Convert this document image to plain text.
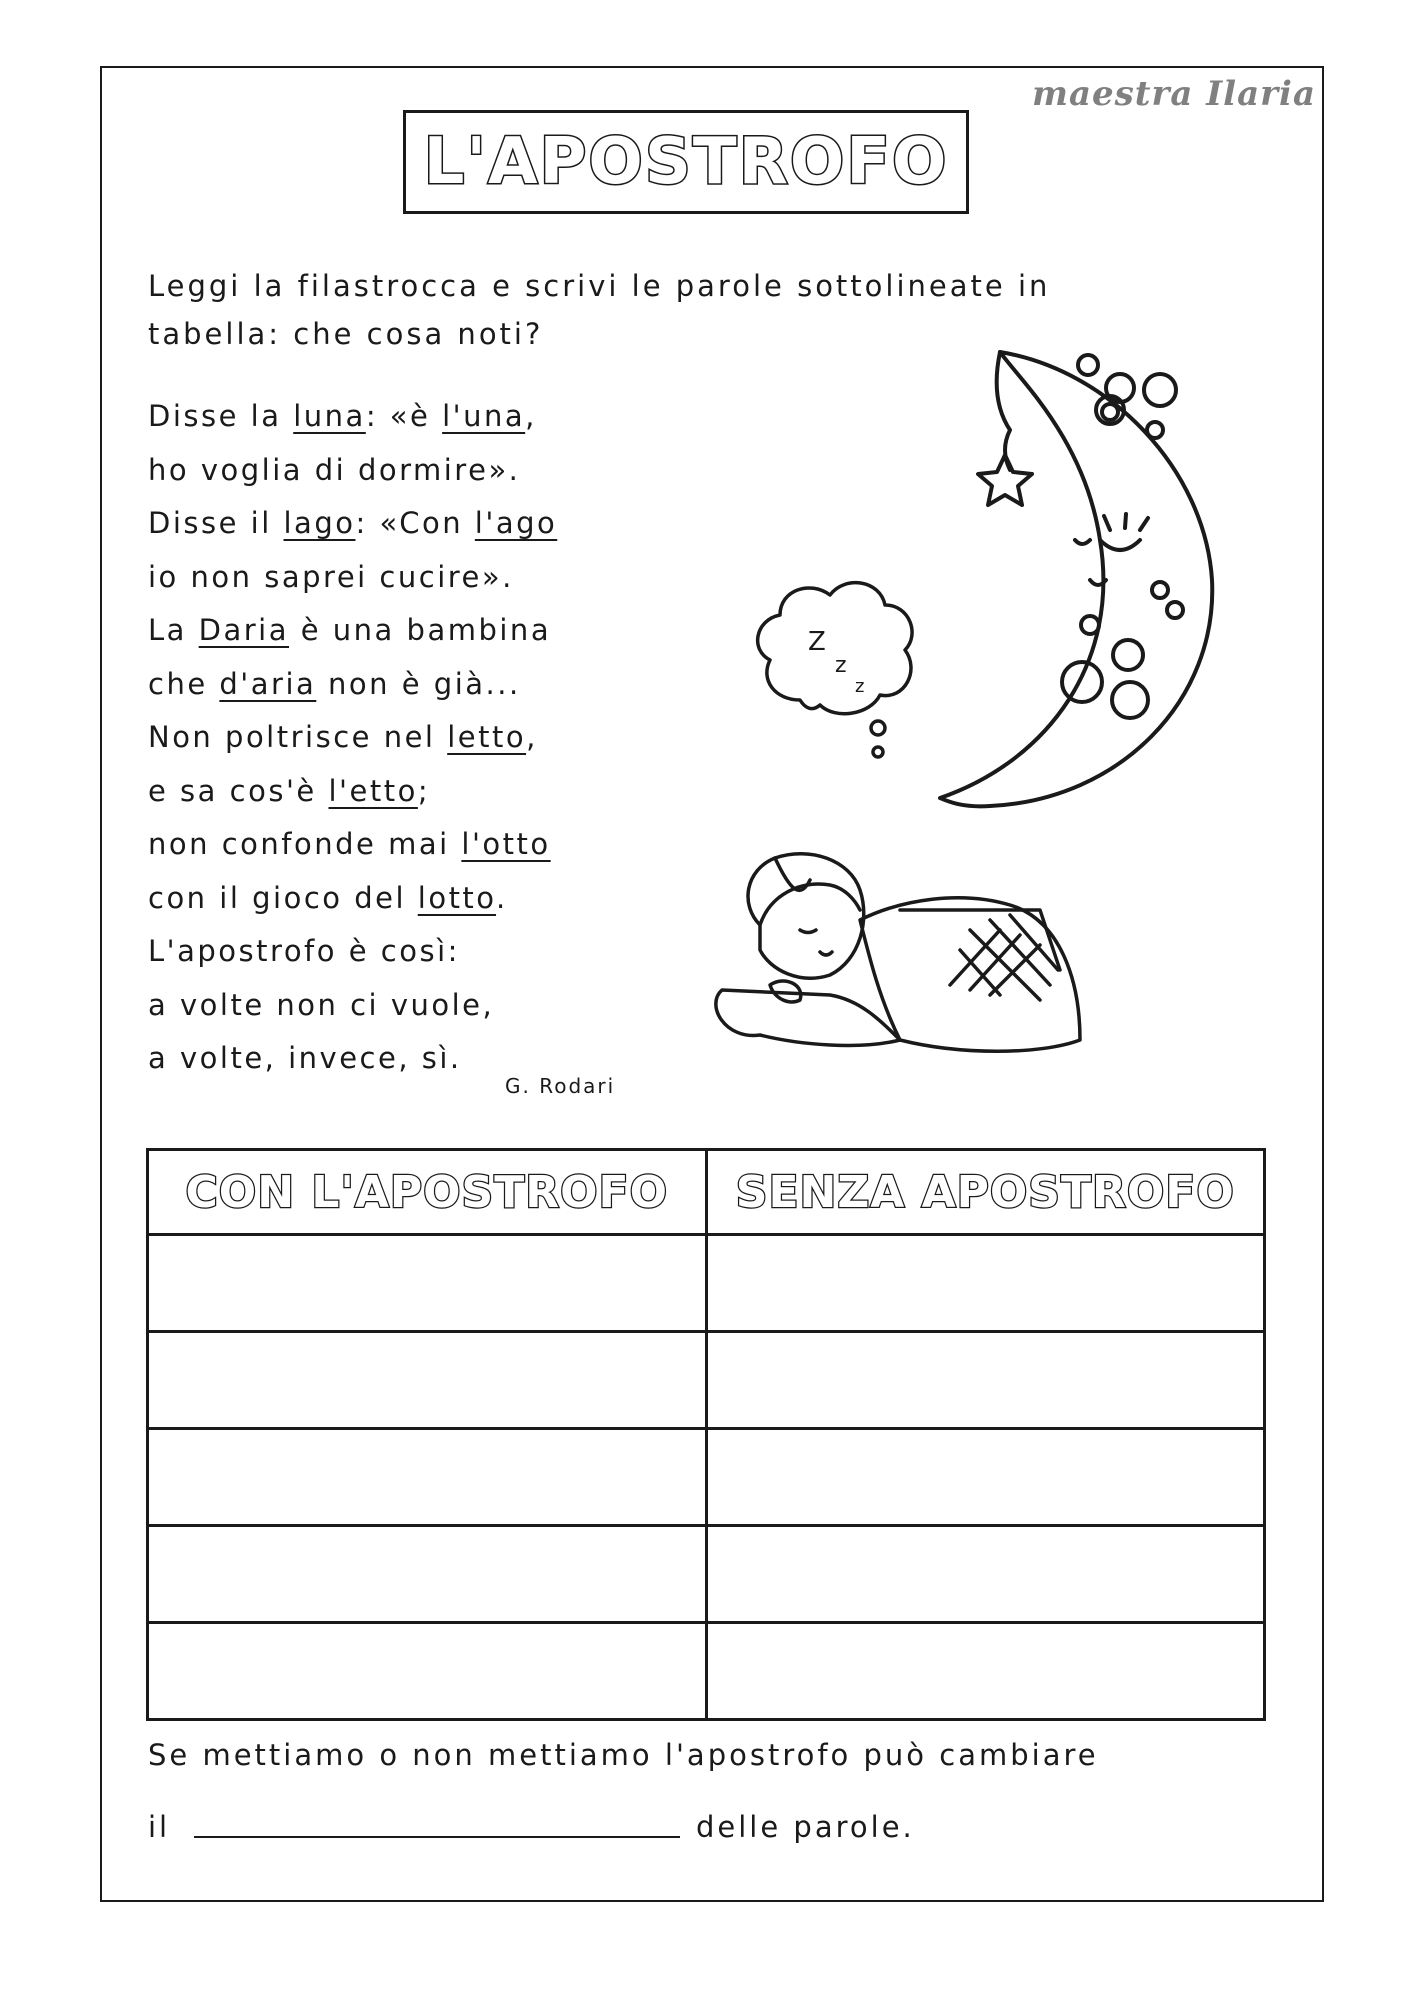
maestra Ilaria
L'APOSTROFO
Leggi la filastrocca e scrivi le parole sottolineate in tabella: che cosa noti?
Disse la luna: «è l'una,
ho voglia di dormire».
Disse il lago: «Con l'ago
io non saprei cucire».
La Daria è una bambina
che d'aria non è già...
Non poltrisce nel letto,
e sa cos'è l'etto;
non confonde mai l'otto
con il gioco del lotto.
L'apostrofo è così:
a volte non ci vuole,
a volte, invece, sì.
G. Rodari
Z
z
z
CON L'APOSTROFO	SENZA APOSTROFO

Se mettiamo o non mettiamo l'apostrofo può cambiare
il	delle parole.
